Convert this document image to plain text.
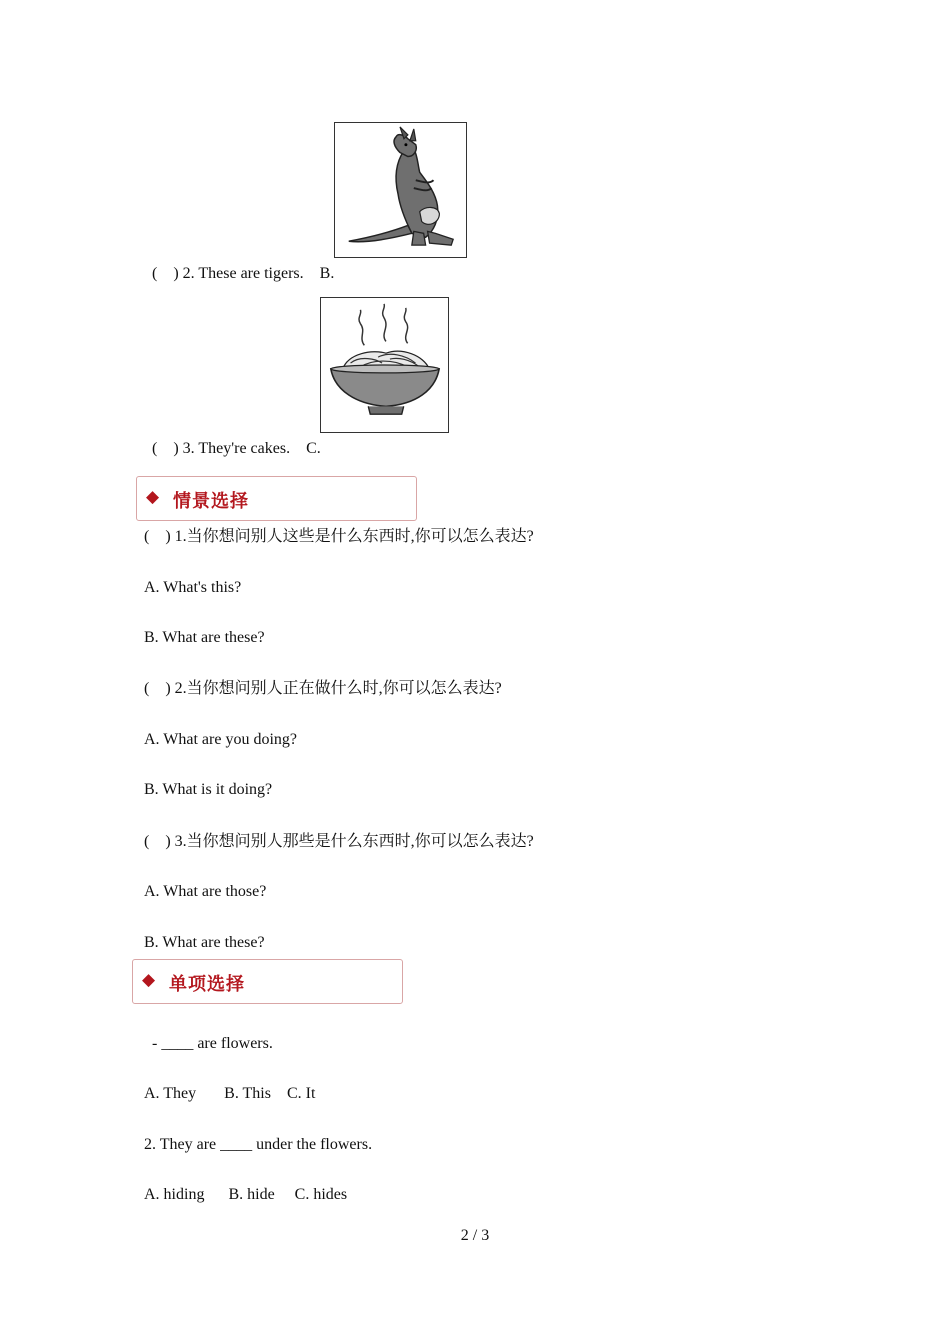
(    ) 2. These are tigers.    B.

(    ) 3. They're cakes.    C.

◆ 情景选择
(    ) 1.当你想问别人这些是什么东西时,你可以怎么表达?
A. What's this?
B. What are these?
(    ) 2.当你想问别人正在做什么时,你可以怎么表达?
A. What are you doing?
B. What is it doing?
(    ) 3.当你想问别人那些是什么东西时,你可以怎么表达?
A. What are those?
B. What are these?
◆ 单项选择
- ____ are flowers.
A. They       B. This    C. It
2. They are ____ under the flowers.
A. hiding      B. hide     C. hides
2 / 3
